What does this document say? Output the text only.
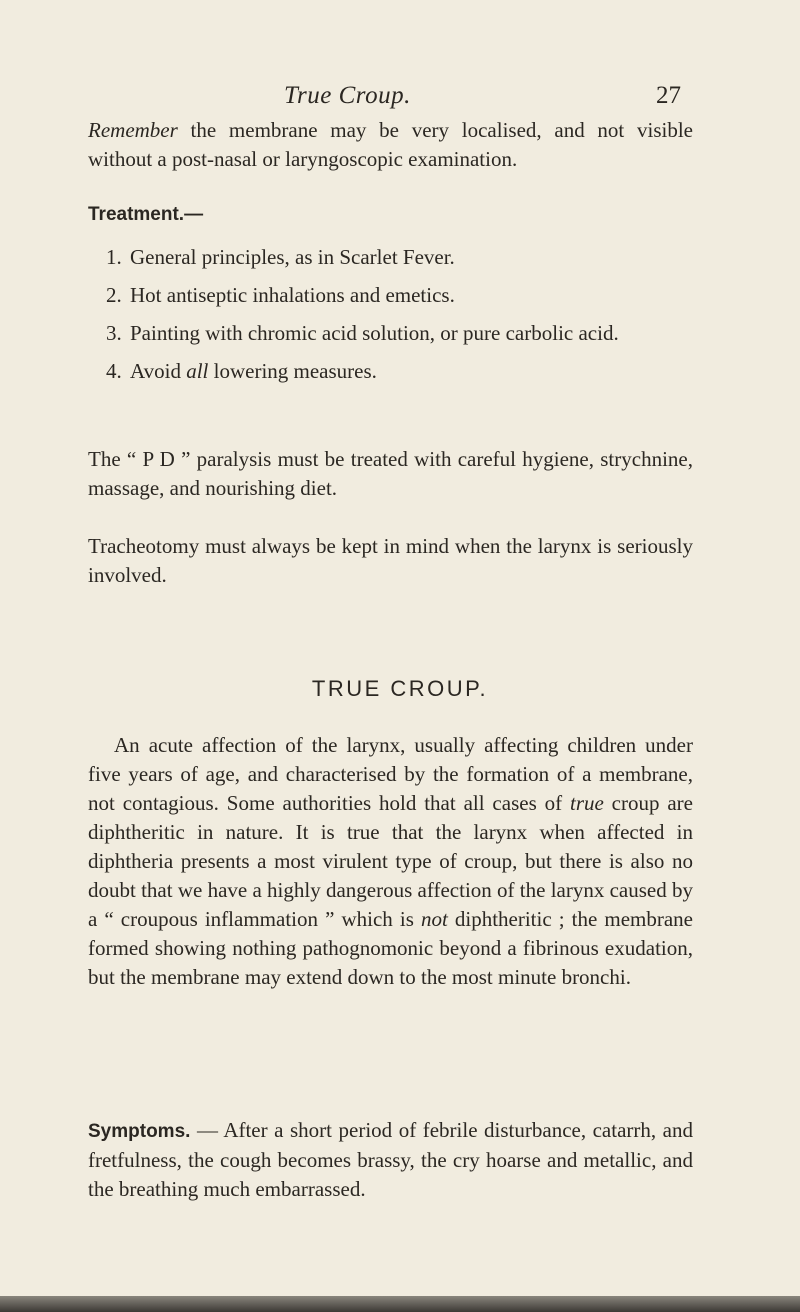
True Croup.	27

Remember the membrane may be very localised, and not visible without a post-nasal or laryngoscopic examination.

Treatment.—
1. General principles, as in Scarlet Fever.
2. Hot antiseptic inhalations and emetics.
3. Painting with chromic acid solution, or pure carbolic acid.
4. Avoid all lowering measures.

The “ P D ” paralysis must be treated with careful hygiene, strychnine, massage, and nourishing diet.

Tracheotomy must always be kept in mind when the larynx is seriously involved.

TRUE CROUP.

An acute affection of the larynx, usually affecting children under five years of age, and characterised by the formation of a membrane, not contagious. Some authorities hold that all cases of true croup are diphtheritic in nature. It is true that the larynx when affected in diphtheria presents a most virulent type of croup, but there is also no doubt that we have a highly dangerous affection of the larynx caused by a “ croupous inflammation ” which is not diphtheritic ; the membrane formed showing nothing pathognomonic beyond a fibrinous exudation, but the membrane may extend down to the most minute bronchi.

Symptoms. — After a short period of febrile disturbance, catarrh, and fretfulness, the cough becomes brassy, the cry hoarse and metallic, and the breathing much embarrassed.
